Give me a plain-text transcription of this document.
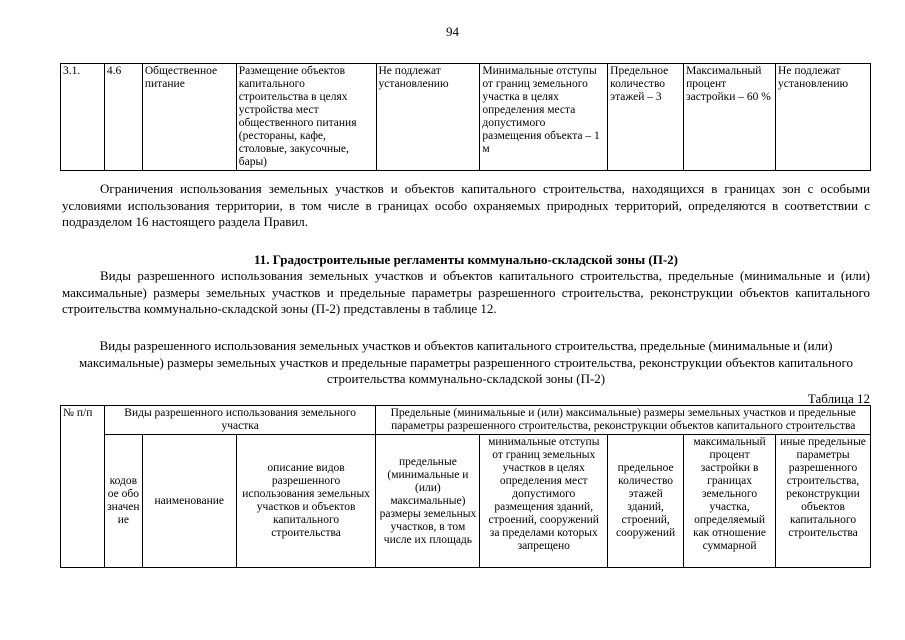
94
3.1.	4.6	Общественное питание	Размещение объектов капитального строительства в целях устройства мест общественного питания (рестораны, кафе, столовые, закусочные, бары)	Не подлежат установлению	Минимальные отступы от границ земельного участка в целях определения места допустимого размещения объекта – 1 м	Предельное количество этажей – 3	Максимальный процент застройки – 60 %	Не подлежат установлению
Ограничения использования земельных участков и объектов капитального строительства, находящихся в границах зон с особыми условиями использования территории, в том числе в границах особо охраняемых природных территорий, определяются в соответствии с подразделом 16 настоящего раздела Правил.
11. Градостроительные регламенты коммунально-складской зоны (П-2)
Виды разрешенного использования земельных участков и объектов капитального строительства, предельные (минимальные и (или) максимальные) размеры земельных участков и предельные параметры разрешенного строительства, реконструкции объектов капитального строительства коммунально-складской зоны (П-2) представлены в таблице 12.
Виды разрешенного использования земельных участков и объектов капитального строительства, предельные (минимальные и (или) максимальные) размеры земельных участков и предельные параметры разрешенного строительства, реконструкции объектов капитального строительства коммунально-складской зоны (П-2)
Таблица 12
№ п/п	Виды разрешенного использования земельного участка			Предельные (минимальные и (или) максимальные) размеры земельных участков и предельные параметры разрешенного строительства, реконструкции объектов капитального строительства				

	кодовое обозначение	наименование	описание видов разрешенного использования земельных участков и объектов капитального строительства	предельные (минимальные и (или) максимальные) размеры земельных участков, в том числе их площадь	минимальные отступы от границ земельных участков в целях определения мест допустимого размещения зданий, строений, сооружений за пределами которых запрещено	предельное количество этажей зданий, строений, сооружений	максимальный процент застройки в границах земельного участка, определяемый как отношение суммарной	иные предельные параметры разрешенного строительства, реконструкции объектов капитального строительства
